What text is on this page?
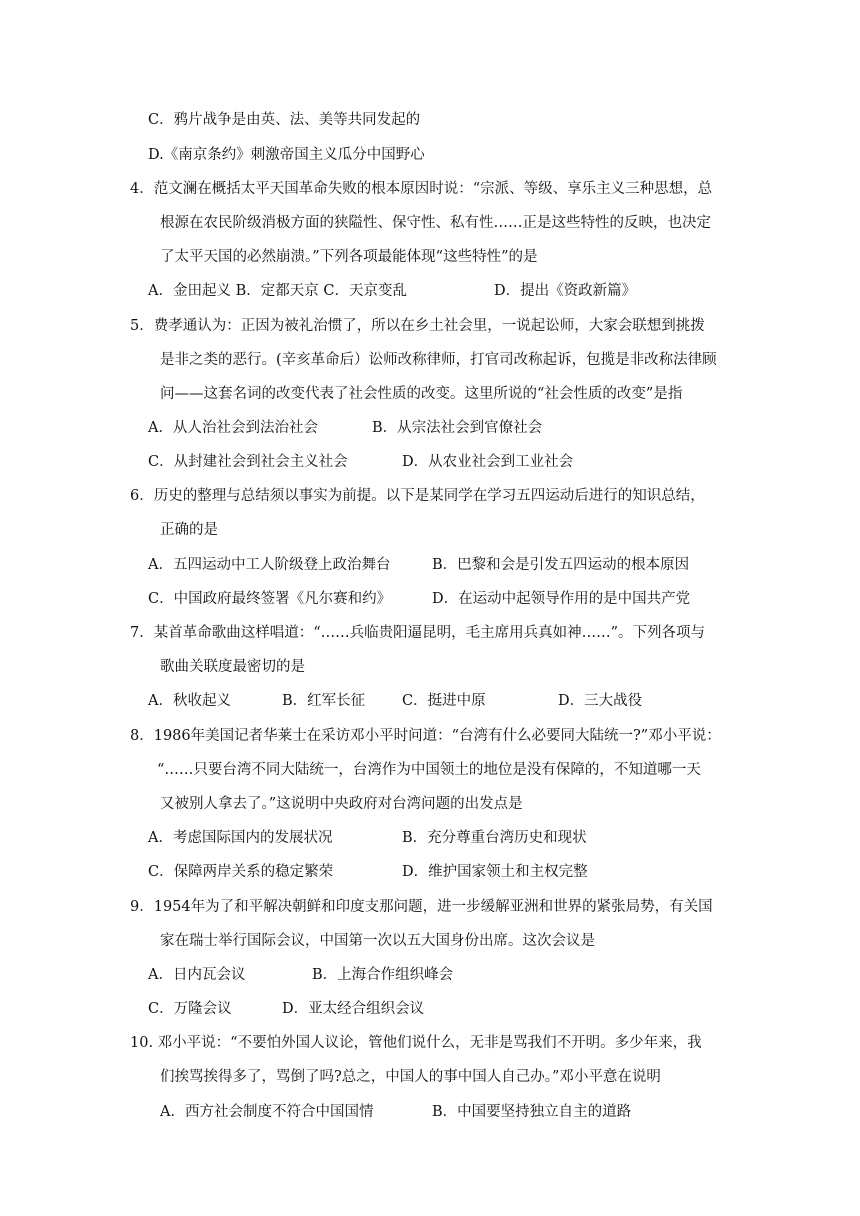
C．鸦片战争是由英、法、美等共同发起的
D.《南京条约》刺激帝国主义瓜分中国野心
4．范文澜在概括太平天国革命失败的根本原因时说：“宗派、等级、享乐主义三种思想，总
根源在农民阶级消极方面的狭隘性、保守性、私有性……正是这些特性的反映，也决定
了太平天国的必然崩溃。”下列各项最能体现“这些特性”的是
A．金田起义 B．定都天京 C．天京变乱	D．提出《资政新篇》
5．费孝通认为：正因为被礼治惯了，所以在乡土社会里，一说起讼师，大家会联想到挑拨
是非之类的恶行。(辛亥革命后）讼师改称律师，打官司改称起诉，包揽是非改称法律顾
问——这套名词的改变代表了社会性质的改变。这里所说的“社会性质的改变”是指
A．从人治社会到法治社会	B．从宗法社会到官僚社会
C．从封建社会到社会主义社会	D．从农业社会到工业社会
6．历史的整理与总结须以事实为前提。以下是某同学在学习五四运动后进行的知识总结，
正确的是
A．五四运动中工人阶级登上政治舞台	B．巴黎和会是引发五四运动的根本原因
C．中国政府最终签署《凡尔赛和约》	D．在运动中起领导作用的是中国共产党
7．某首革命歌曲这样唱道：“……兵临贵阳逼昆明，毛主席用兵真如神……”。下列各项与
歌曲关联度最密切的是
A．秋收起义	B．红军长征	C．挺进中原	D．三大战役
8．1986年美国记者华莱士在采访邓小平时问道：“台湾有什么必要同大陆统一?”邓小平说：
“……只要台湾不同大陆统一，台湾作为中国领土的地位是没有保障的，不知道哪一天
又被别人拿去了。”这说明中央政府对台湾问题的出发点是
A．考虑国际国内的发展状况	B．充分尊重台湾历史和现状
C．保障两岸关系的稳定繁荣	D．维护国家领土和主权完整
9．1954年为了和平解决朝鲜和印度支那问题，进一步缓解亚洲和世界的紧张局势，有关国
家在瑞士举行国际会议，中国第一次以五大国身份出席。这次会议是
A．日内瓦会议	B．上海合作组织峰会
C．万隆会议	D．亚太经合组织会议
10. 邓小平说：“不要怕外国人议论，管他们说什么，无非是骂我们不开明。多少年来，我
们挨骂挨得多了，骂倒了吗?总之，中国人的事中国人自己办。”邓小平意在说明
A．西方社会制度不符合中国国情	B．中国要坚持独立自主的道路
